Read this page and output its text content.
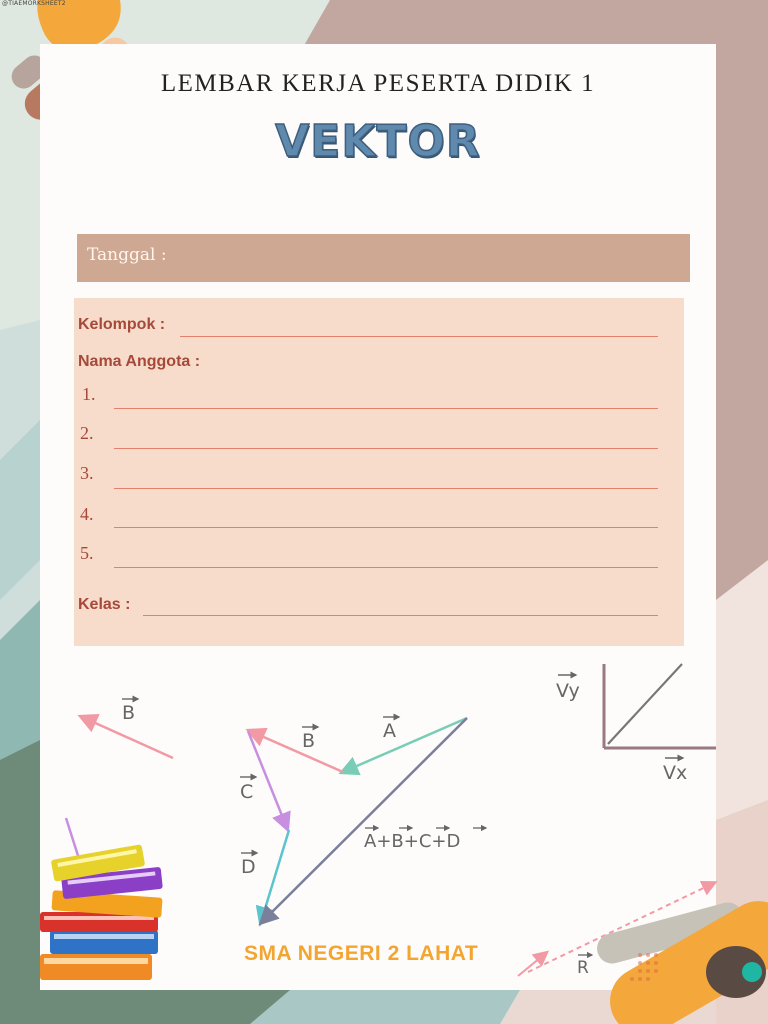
@TIAEMORKSHEET2
LEMBAR KERJA PESERTA DIDIK 1
VEKTOR
Tanggal :
Kelompok :
Nama Anggota :
1.
2.
3.
4.
5.
Kelas :
B
A
B
C
D
A+B+C+D
Vy
Vx
R
SMA NEGERI 2 LAHAT
